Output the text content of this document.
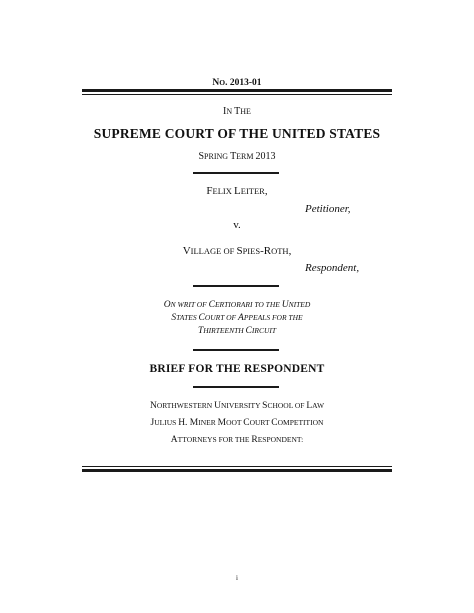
NO. 2013-01
IN THE
SUPREME COURT OF THE UNITED STATES
SPRING TERM 2013
FELIX LEITER,
Petitioner,
v.
VILLAGE OF SPIES-ROTH,
Respondent,
ON WRIT OF CERTIORARI TO THE UNITED
STATES COURT OF APPEALS FOR THE
THIRTEENTH CIRCUIT
BRIEF FOR THE RESPONDENT
NORTHWESTERN UNIVERSITY SCHOOL OF LAW
JULIUS H. MINER MOOT COURT COMPETITION
ATTORNEYS FOR THE RESPONDENT:
i
